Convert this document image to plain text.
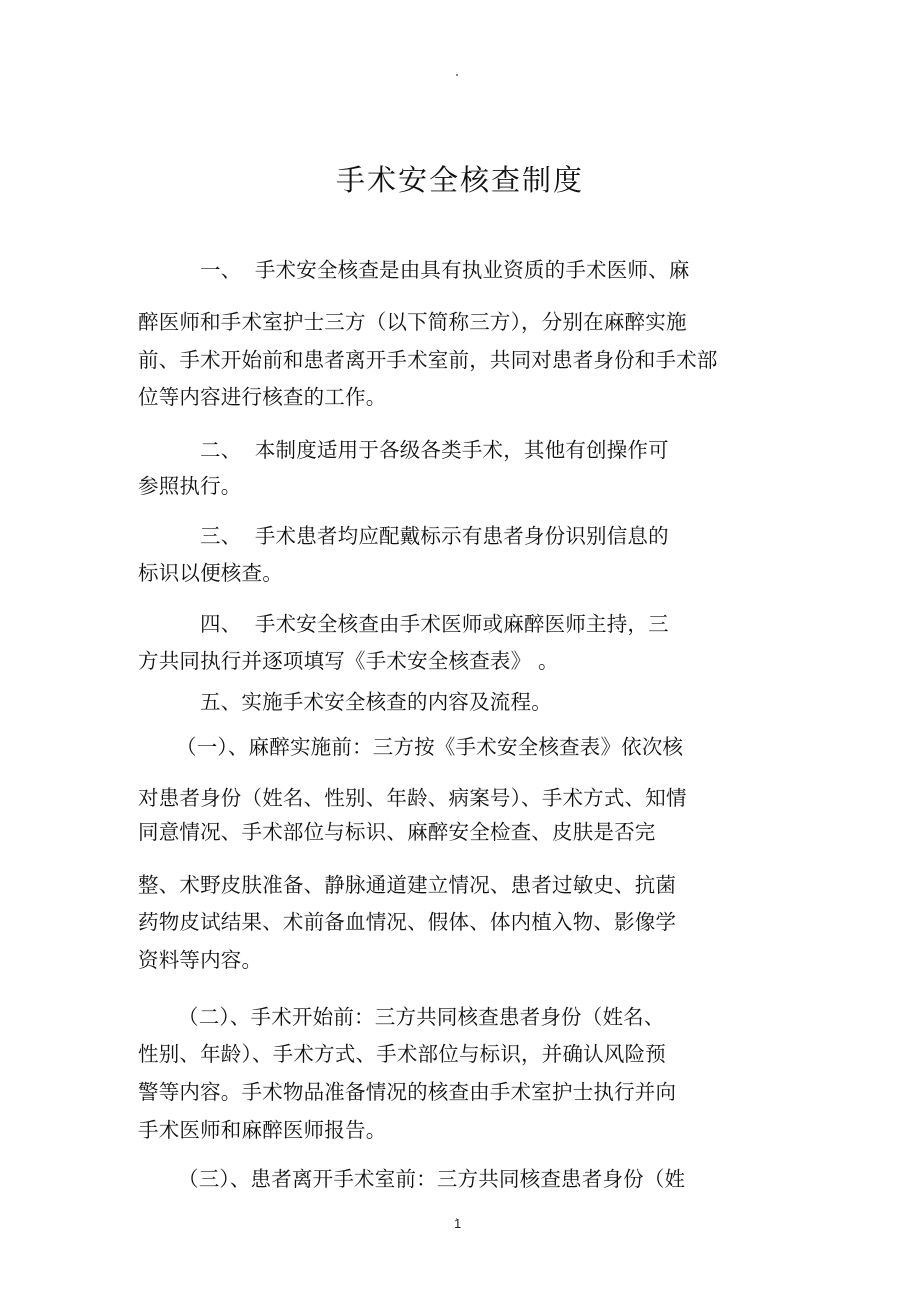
手术安全核查制度
一、  手术安全核查是由具有执业资质的手术医师、麻
醉医师和手术室护士三方（以下简称三方），分别在麻醉实施
前、手术开始前和患者离开手术室前，共同对患者身份和手术部
位等内容进行核查的工作。
二、  本制度适用于各级各类手术，其他有创操作可
参照执行。
三、  手术患者均应配戴标示有患者身份识别信息的
标识以便核查。
四、  手术安全核查由手术医师或麻醉医师主持，三
方共同执行并逐项填写《手术安全核查表》 。
五、实施手术安全核查的内容及流程。
（一）、麻醉实施前：三方按《手术安全核查表》依次核
对患者身份（姓名、性别、年龄、病案号）、手术方式、知情
同意情况、手术部位与标识、麻醉安全检查、皮肤是否完
整、术野皮肤准备、静脉通道建立情况、患者过敏史、抗菌
药物皮试结果、术前备血情况、假体、体内植入物、影像学
资料等内容。
（二）、手术开始前：三方共同核查患者身份（姓名、
性别、年龄）、手术方式、手术部位与标识，并确认风险预
警等内容。手术物品准备情况的核查由手术室护士执行并向
手术医师和麻醉医师报告。
（三）、患者离开手术室前：三方共同核查患者身份（姓
1
